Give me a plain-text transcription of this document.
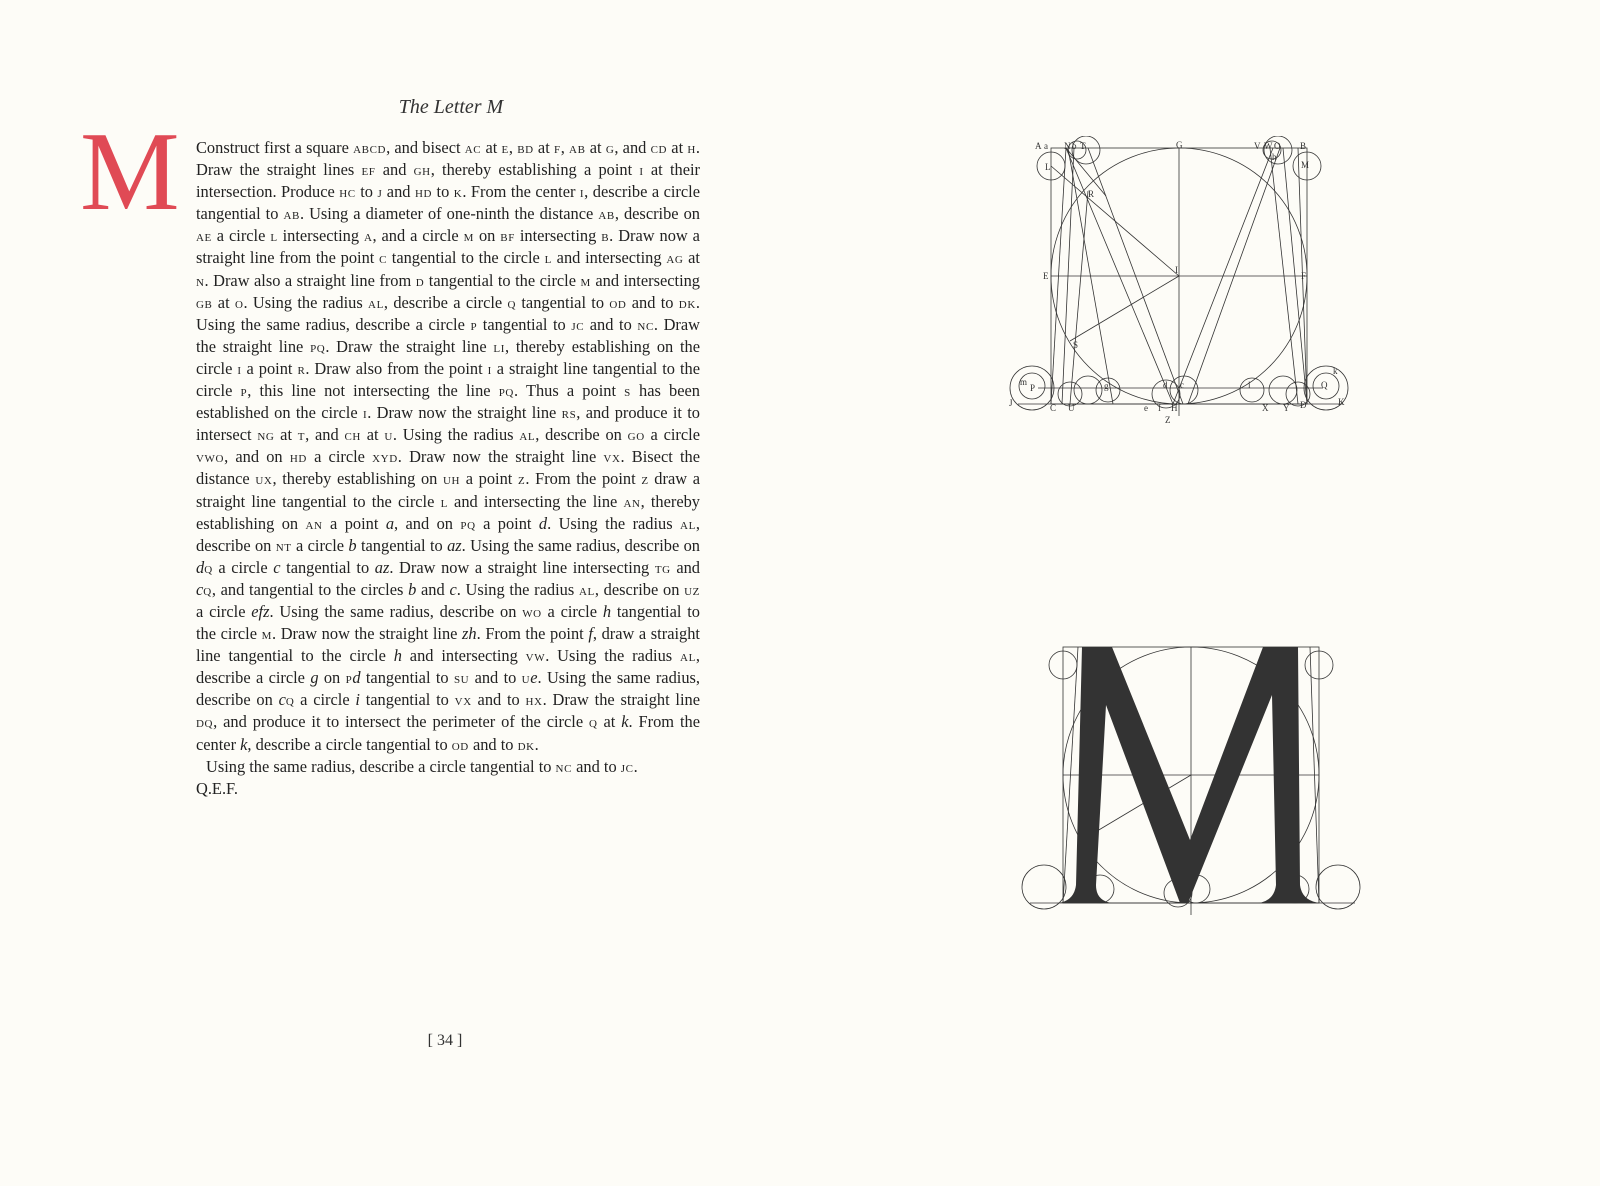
The Letter M
M Construct first a square abcd, and bisect ac at e, bd at f, ab at g, and cd at h. Draw the straight lines ef and gh, thereby establishing a point i at their intersection. Produce hc to j and hd to k. From the center i, describe a circle tangential to ab. Using a diameter of one-ninth the distance ab, describe on ae a circle l intersecting a, and a circle m on bf intersecting b. Draw now a straight line from the point c tangential to the circle l and intersecting ag at n. Draw also a straight line from d tangential to the circle m and intersecting gb at o. Using the radius al, describe a circle q tangential to od and to dk. Using the same radius, describe a circle p tangential to jc and to nc. Draw the straight line pq. Draw the straight line li, thereby establishing on the circle i a point r. Draw also from the point i a straight line tangential to the circle p, this line not intersecting the line pq. Thus a point s has been established on the circle i. Draw now the straight line rs, and produce it to intersect ng at t, and ch at u. Using the radius al, describe on go a circle vwo, and on hd a circle xyd. Draw now the straight line vx. Bisect the distance ux, thereby establishing on uh a point z. From the point z draw a straight line tangential to the circle l and intersecting the line an, thereby establishing on an a point a, and on pq a point d. Using the radius al, describe on nt a circle b tangential to az. Using the same radius, describe on dq a circle c tangential to az. Draw now a straight line intersecting tg and cq, and tangential to the circles b and c. Using the radius al, describe on uz a circle efz. Using the same radius, describe on wo a circle h tangential to the circle m. Draw now the straight line zh. From the point f, draw a straight line tangential to the circle h and intersecting vw. Using the radius al, describe a circle g on pd tangential to su and to ue. Using the same radius, describe on cq a circle i tangential to vx and to hx. Draw the straight line dq, and produce it to intersect the perimeter of the circle q at k. From the center k, describe a circle tangential to od and to dk.

Using the same radius, describe a circle tangential to nc and to jc.

Q.E.F.

[ 34 ]
A a N b T	G	V W O
h
B
L	M
R
E
I
F
S
J	C U
P
m	g	d c
e f H
Z
i
X Y D
Q
k
K
